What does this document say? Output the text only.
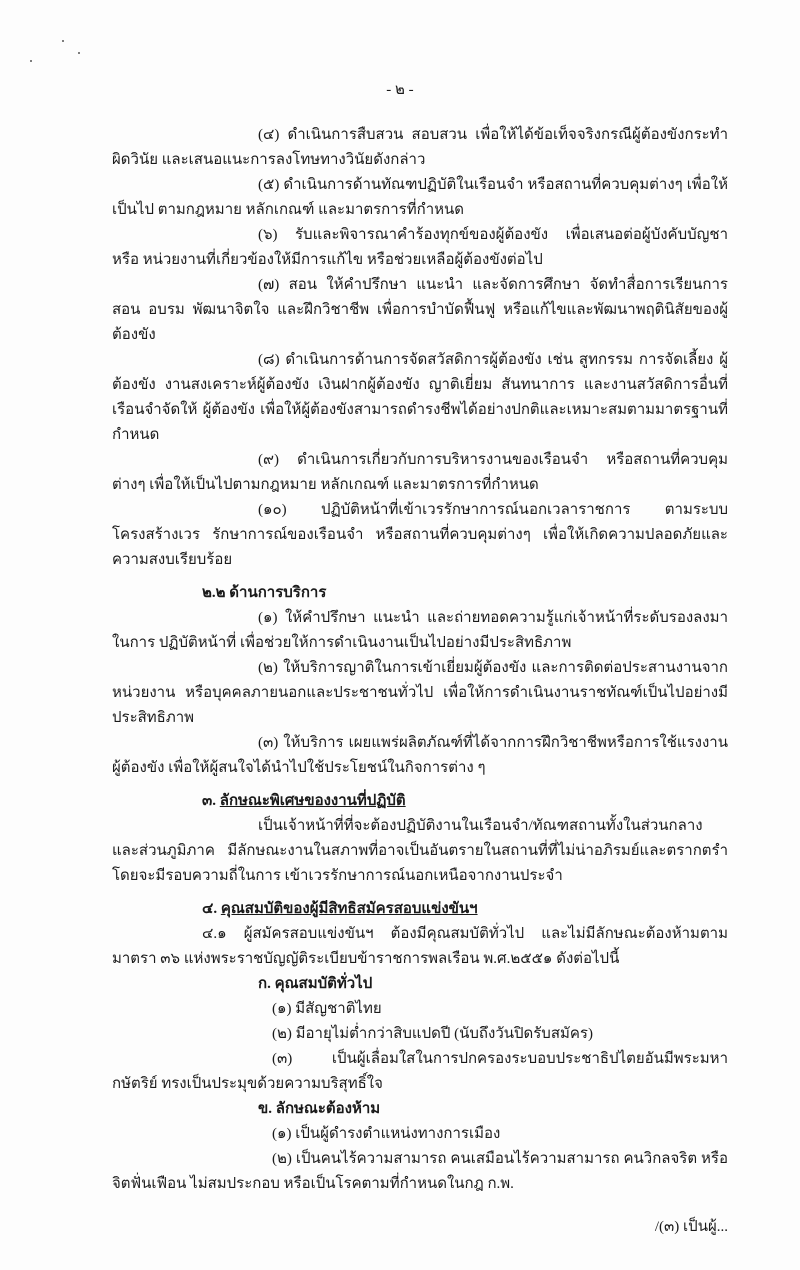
- ๒ -

(๔) ดำเนินการสืบสวน สอบสวน เพื่อให้ได้ข้อเท็จจริงกรณีผู้ต้องขังกระทำผิดวินัย และเสนอแนะการลงโทษทางวินัยดังกล่าว

(๕) ดำเนินการด้านทัณฑปฏิบัติในเรือนจำ หรือสถานที่ควบคุมต่างๆ เพื่อให้เป็นไป ตามกฎหมาย หลักเกณฑ์ และมาตรการที่กำหนด

(๖) รับและพิจารณาคำร้องทุกข์ของผู้ต้องขัง เพื่อเสนอต่อผู้บังคับบัญชา หรือ หน่วยงานที่เกี่ยวข้องให้มีการแก้ไข หรือช่วยเหลือผู้ต้องขังต่อไป

(๗) สอน ให้คำปรึกษา แนะนำ และจัดการศึกษา จัดทำสื่อการเรียนการสอน อบรม พัฒนาจิตใจ และฝึกวิชาชีพ เพื่อการบำบัดฟื้นฟู หรือแก้ไขและพัฒนาพฤตินิสัยของผู้ต้องขัง

(๘) ดำเนินการด้านการจัดสวัสดิการผู้ต้องขัง เช่น สูทกรรม การจัดเลี้ยง ผู้ต้องขัง งานสงเคราะห์ผู้ต้องขัง เงินฝากผู้ต้องขัง ญาติเยี่ยม สันทนาการ และงานสวัสดิการอื่นที่เรือนจำจัดให้ ผู้ต้องขัง เพื่อให้ผู้ต้องขังสามารถดำรงชีพได้อย่างปกติและเหมาะสมตามมาตรฐานที่กำหนด

(๙) ดำเนินการเกี่ยวกับการบริหารงานของเรือนจำ หรือสถานที่ควบคุมต่างๆ เพื่อให้เป็นไปตามกฎหมาย หลักเกณฑ์ และมาตรการที่กำหนด

(๑๐) ปฏิบัติหน้าที่เข้าเวรรักษาการณ์นอกเวลาราชการ ตามระบบโครงสร้างเวร รักษาการณ์ของเรือนจำ หรือสถานที่ควบคุมต่างๆ เพื่อให้เกิดความปลอดภัยและความสงบเรียบร้อย

๒.๒ ด้านการบริการ

(๑) ให้คำปรึกษา แนะนำ และถ่ายทอดความรู้แก่เจ้าหน้าที่ระดับรองลงมาในการ ปฏิบัติหน้าที่ เพื่อช่วยให้การดำเนินงานเป็นไปอย่างมีประสิทธิภาพ

(๒) ให้บริการญาติในการเข้าเยี่ยมผู้ต้องขัง และการติดต่อประสานงานจากหน่วยงาน หรือบุคคลภายนอกและประชาชนทั่วไป เพื่อให้การดำเนินงานราชทัณฑ์เป็นไปอย่างมีประสิทธิภาพ

(๓) ให้บริการ เผยแพร่ผลิตภัณฑ์ที่ได้จากการฝึกวิชาชีพหรือการใช้แรงงานผู้ต้องขัง เพื่อให้ผู้สนใจได้นำไปใช้ประโยชน์ในกิจการต่าง ๆ

๓. ลักษณะพิเศษของงานที่ปฏิบัติ

เป็นเจ้าหน้าที่ที่จะต้องปฏิบัติงานในเรือนจำ/ทัณฑสถานทั้งในส่วนกลางและส่วนภูมิภาค มีลักษณะงานในสภาพที่อาจเป็นอันตรายในสถานที่ที่ไม่น่าอภิรมย์และตรากตรำ โดยจะมีรอบความถี่ในการ เข้าเวรรักษาการณ์นอกเหนือจากงานประจำ

๔. คุณสมบัติของผู้มีสิทธิสมัครสอบแข่งขันฯ

๔.๑ ผู้สมัครสอบแข่งขันฯ ต้องมีคุณสมบัติทั่วไป และไม่มีลักษณะต้องห้ามตามมาตรา ๓๖ แห่งพระราชบัญญัติระเบียบข้าราชการพลเรือน พ.ศ.๒๕๕๑ ดังต่อไปนี้

ก. คุณสมบัติทั่วไป

(๑) มีสัญชาติไทย

(๒) มีอายุไม่ต่ำกว่าสิบแปดปี (นับถึงวันปิดรับสมัคร)

(๓) เป็นผู้เลื่อมใสในการปกครองระบอบประชาธิปไตยอันมีพระมหากษัตริย์ ทรงเป็นประมุขด้วยความบริสุทธิ์ใจ

ข. ลักษณะต้องห้าม

(๑) เป็นผู้ดำรงตำแหน่งทางการเมือง

(๒) เป็นคนไร้ความสามารถ คนเสมือนไร้ความสามารถ คนวิกลจริต หรือจิตฟั่นเฟือน ไม่สมประกอบ หรือเป็นโรคตามที่กำหนดในกฎ ก.พ.

/(๓) เป็นผู้...
